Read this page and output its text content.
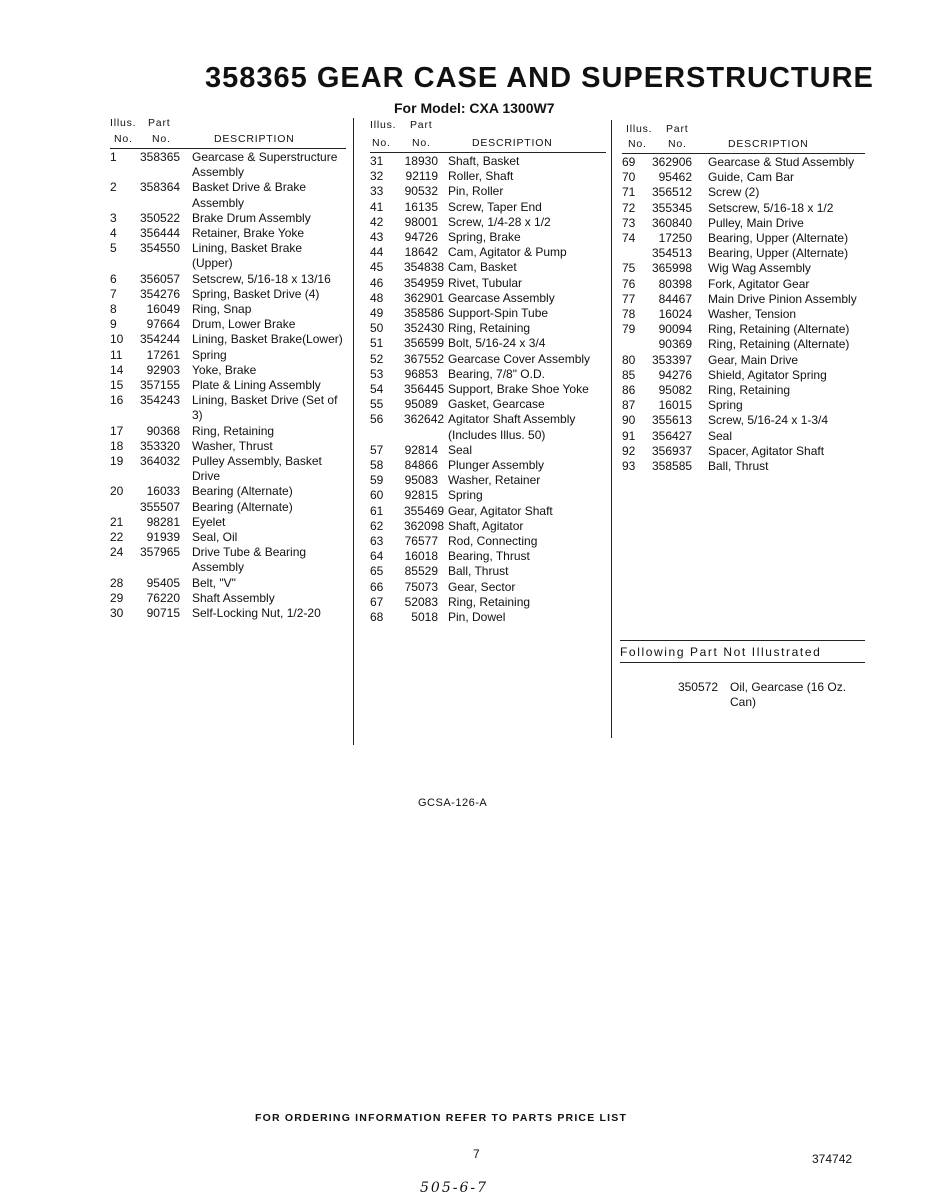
358365 GEAR CASE AND SUPERSTRUCTURE
For Model: CXA 1300W7
Illus. Part
No. No.	DESCRIPTION
1	358365 Gearcase & Superstructure Assembly
2	358364 Basket Drive & Brake Assembly
3	350522 Brake Drum Assembly
4	356444 Retainer, Brake Yoke
5	354550 Lining, Basket Brake (Upper)
6	356057 Setscrew, 5/16-18 x 13/16
7	354276 Spring, Basket Drive (4)
8	16049 Ring, Snap
9	97664 Drum, Lower Brake
10	354244 Lining, Basket Brake(Lower)
11	17261 Spring
14	92903 Yoke, Brake
15	357155 Plate & Lining Assembly
16	354243 Lining, Basket Drive (Set of 3)
17	90368 Ring, Retaining
18	353320 Washer, Thrust
19	364032 Pulley Assembly, Basket Drive
20	16033 Bearing (Alternate)
355507 Bearing (Alternate)
21	98281 Eyelet
22	91939 Seal, Oil
24	357965 Drive Tube & Bearing Assembly
28	95405 Belt, "V"
29	76220 Shaft Assembly
30	90715 Self-Locking Nut, 1/2-20
Illus. Part
No. No.	DESCRIPTION
31	18930 Shaft, Basket
32	92119 Roller, Shaft
33	90532 Pin, Roller
41	16135 Screw, Taper End
42	98001 Screw, 1/4-28 x 1/2
43	94726 Spring, Brake
44	18642 Cam, Agitator & Pump
45	354838 Cam, Basket
46	354959 Rivet, Tubular
48	362901 Gearcase Assembly
49	358586 Support-Spin Tube
50	352430 Ring, Retaining
51	356599 Bolt, 5/16-24 x 3/4
52	367552 Gearcase Cover Assembly
53	96853 Bearing, 7/8" O.D.
54	356445 Support, Brake Shoe Yoke
55	95089 Gasket, Gearcase
56	362642 Agitator Shaft Assembly (Includes Illus. 50)
57	92814 Seal
58	84866 Plunger Assembly
59	95083 Washer, Retainer
60	92815 Spring
61	355469 Gear, Agitator Shaft
62	362098 Shaft, Agitator
63	76577 Rod, Connecting
64	16018 Bearing, Thrust
65	85529 Ball, Thrust
66	75073 Gear, Sector
67	52083 Ring, Retaining
68	5018 Pin, Dowel
Illus. Part
No. No.	DESCRIPTION
69	362906 Gearcase & Stud Assembly
70	95462 Guide, Cam Bar
71	356512 Screw (2)
72	355345 Setscrew, 5/16-18 x 1/2
73	360840 Pulley, Main Drive
74	17250 Bearing, Upper (Alternate)
354513 Bearing, Upper (Alternate)
75	365998 Wig Wag Assembly
76	80398 Fork, Agitator Gear
77	84467 Main Drive Pinion Assembly
78	16024 Washer, Tension
79	90094 Ring, Retaining (Alternate)
90369 Ring, Retaining (Alternate)
80	353397 Gear, Main Drive
85	94276 Shield, Agitator Spring
86	95082 Ring, Retaining
87	16015 Spring
90	355613 Screw, 5/16-24 x 1-3/4
91	356427 Seal
92	356937 Spacer, Agitator Shaft
93	358585 Ball, Thrust
Following Part Not Illustrated
350572 Oil, Gearcase (16 Oz. Can)
GCSA-126-A
FOR ORDERING INFORMATION REFER TO PARTS PRICE LIST
7	374742
505-6-7
